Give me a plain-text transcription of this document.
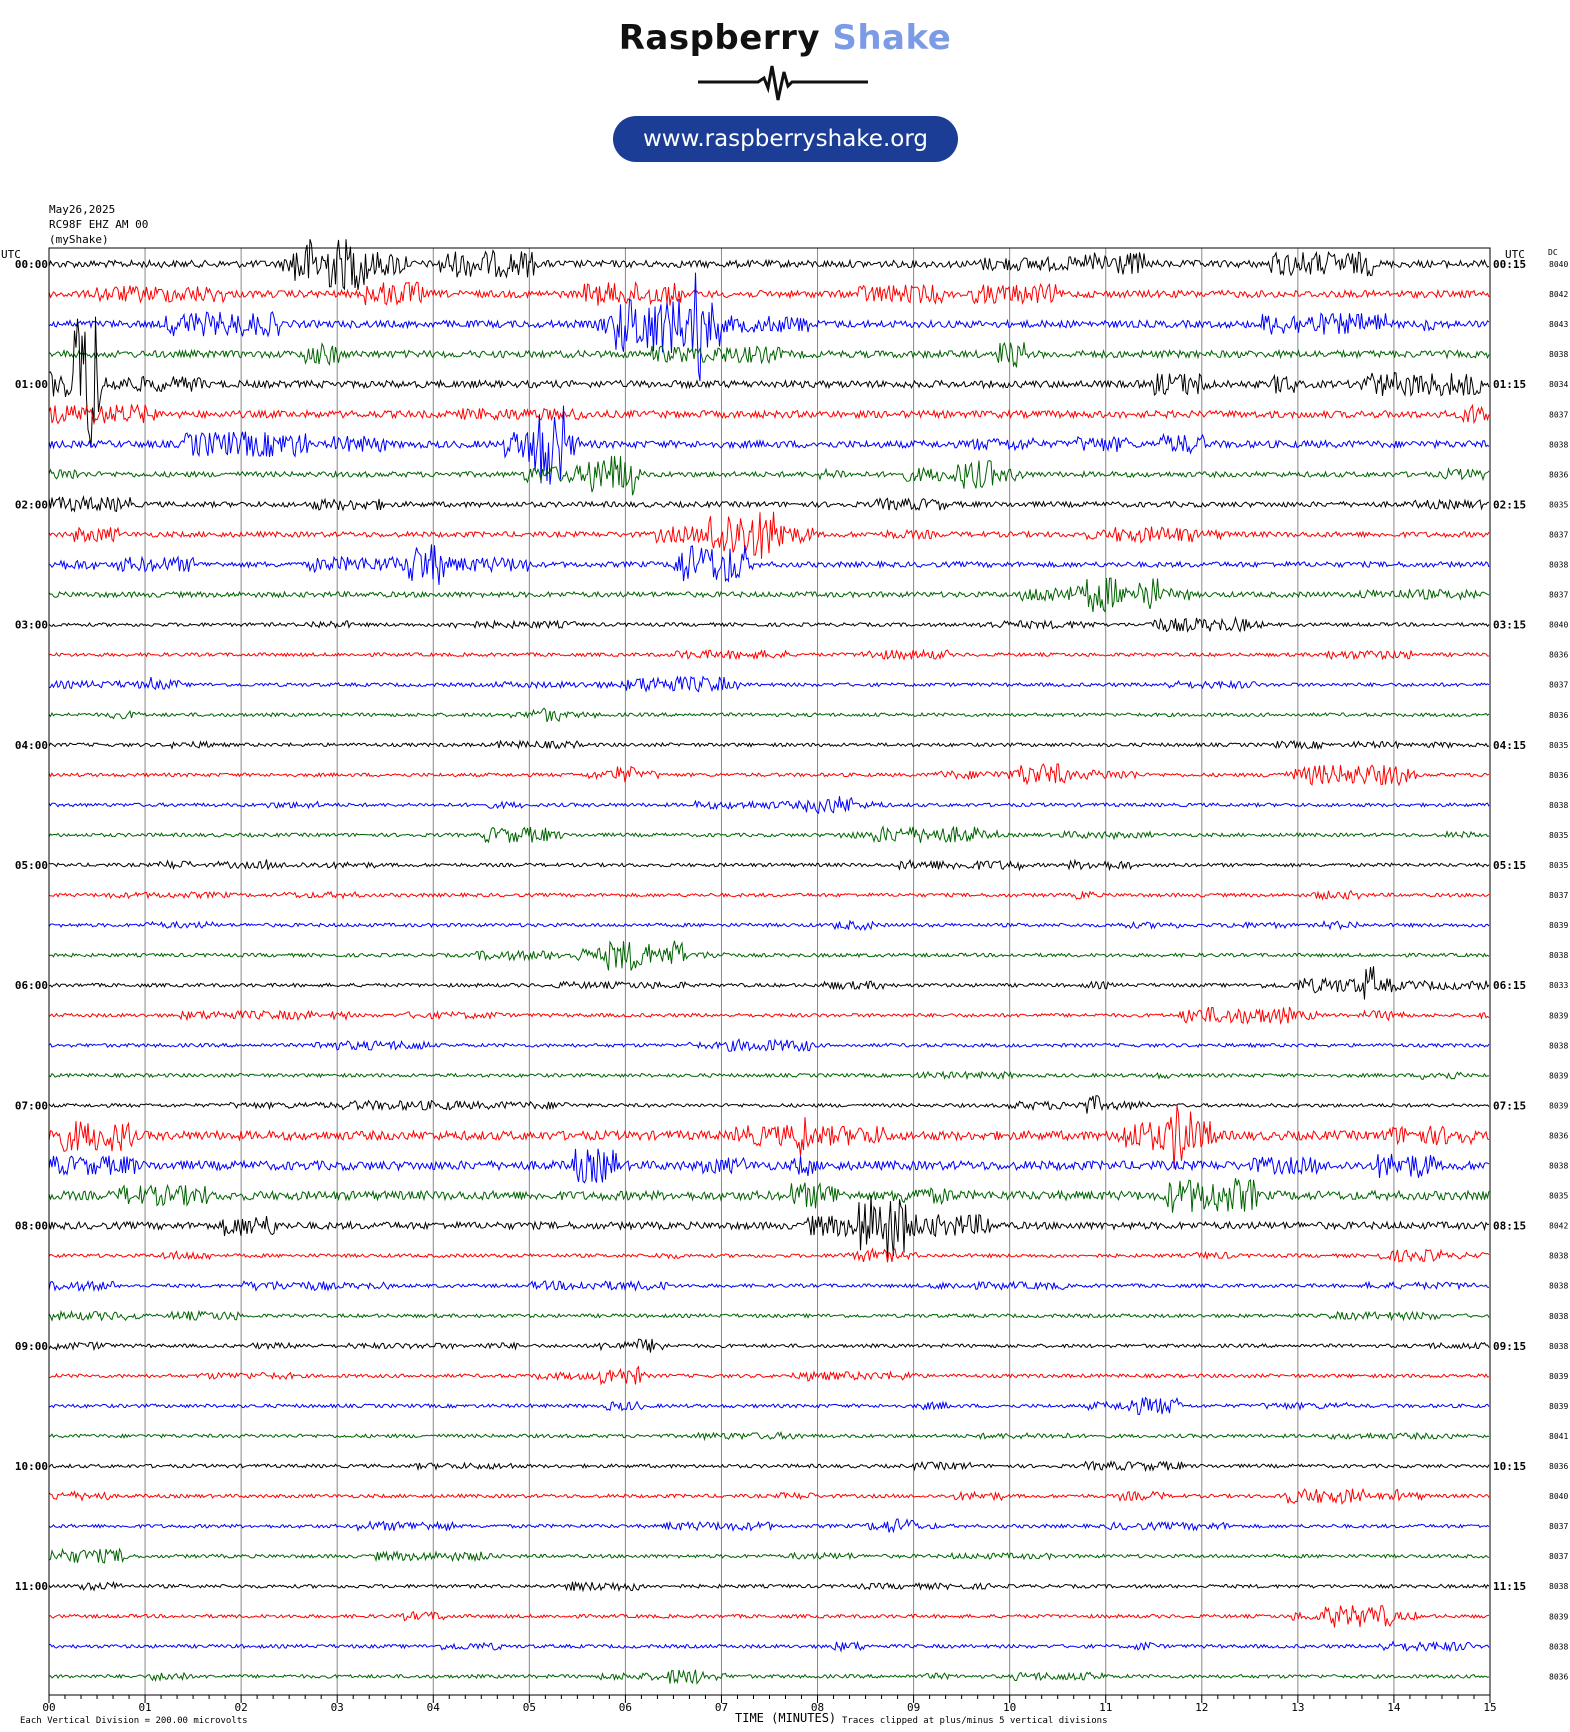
Raspberry Shake
www.raspberryshake.org
May26,2025
RC98F EHZ AM 00
(myShake)
00	01	02	03	04	05	06	07	08	09	10	11	12	13	14	15
8040
00:00	00:15
8042
8043
8038
8034
01:00	01:15
8037
8038
8036
8035
02:00	02:15
8037
8038
8037
8040
03:00	03:15
8036
8037
8036
8035
04:00	04:15
8036
8038
8035
8035
05:00	05:15
8037
8039
8038
8033
06:00	06:15
8039
8038
8039
8039
07:00	07:15
8036
8038
8035
8042
08:00	08:15
8038
8038
8038
8038
09:00	09:15
8039
8039
8041
8036
10:00	10:15
8040
8037
8037
8038
11:00	11:15
8039
8038
8036
UTC	UTC	DC
TIME (MINUTES)
Each Vertical Division = 200.00 microvolts	Traces clipped at plus/minus 5 vertical divisions
